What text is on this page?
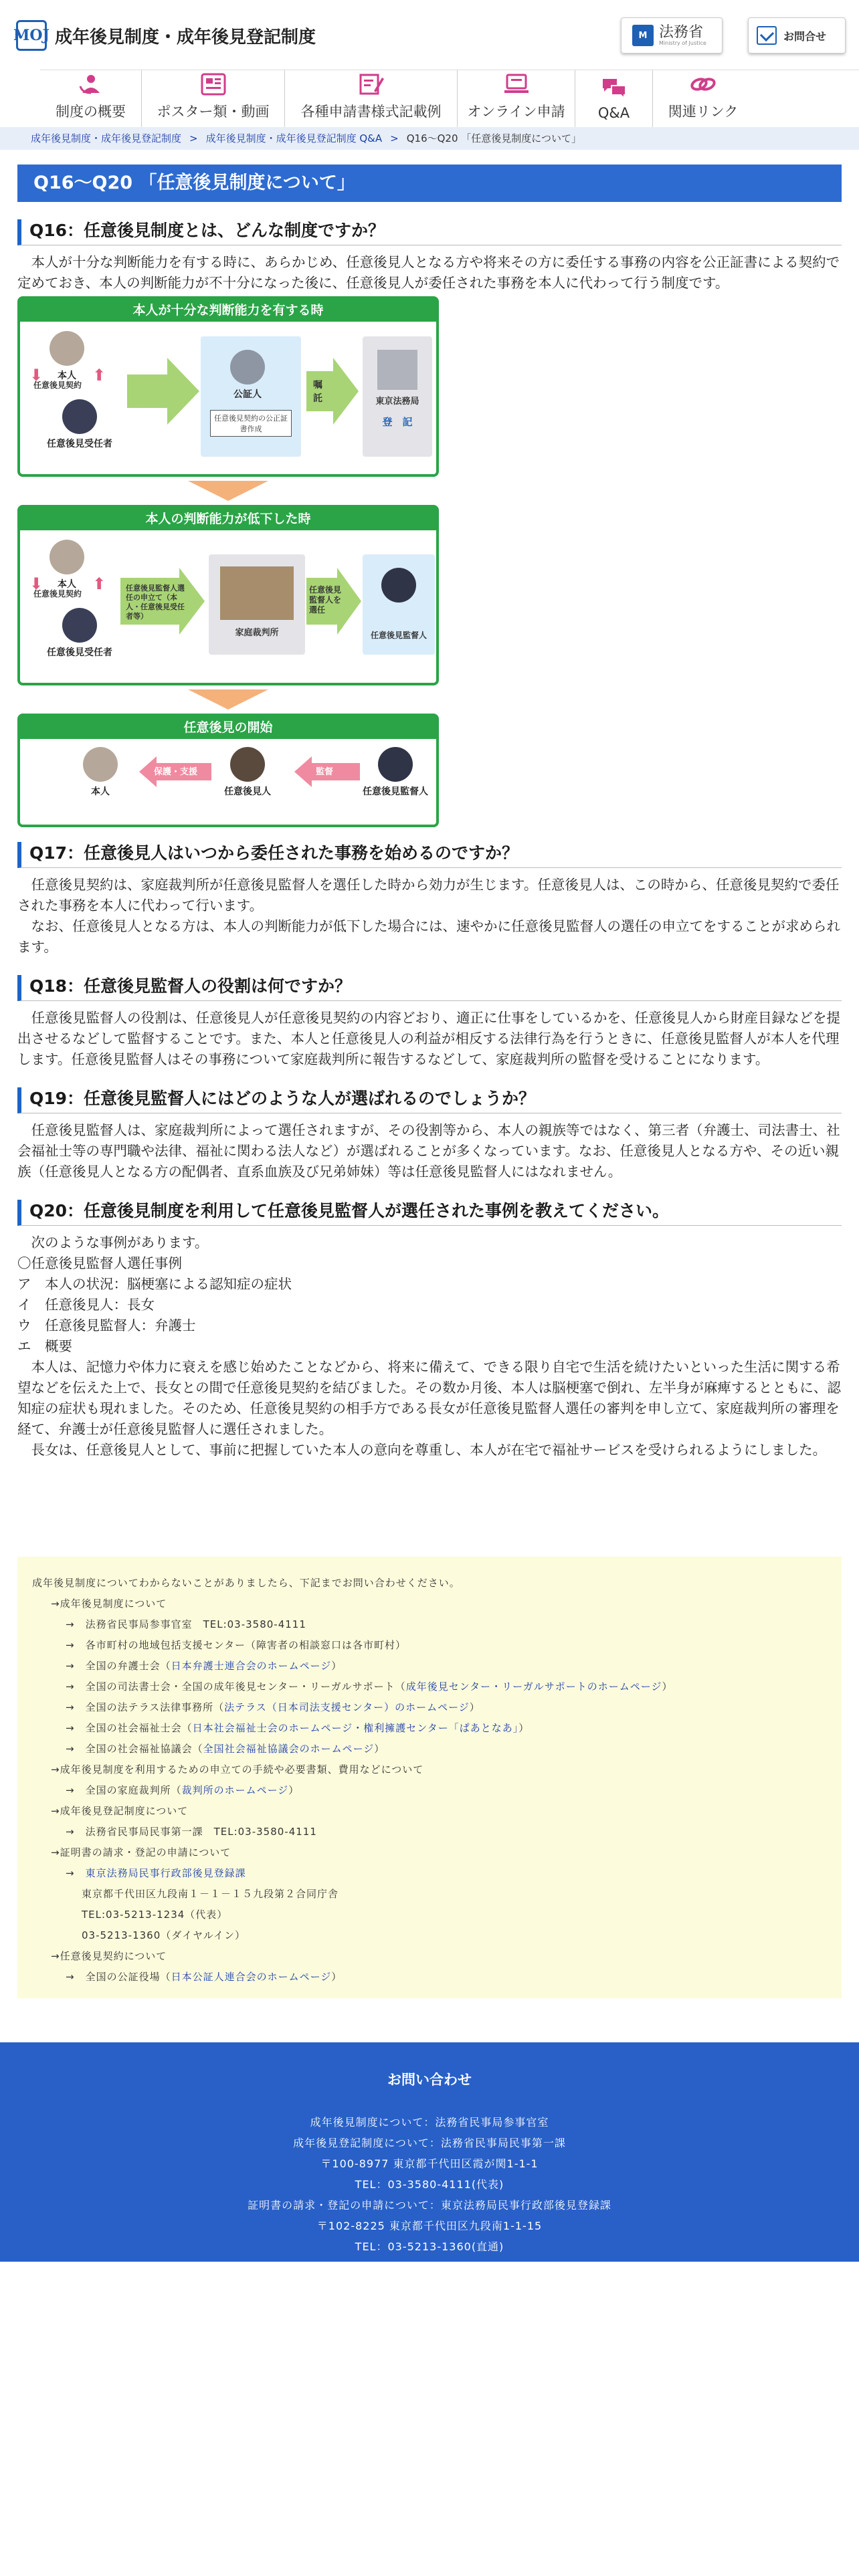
MOJ 成年後見制度・成年後見登記制度	M 法務省
Ministry of Justice
お問合せ
制度の概要 ポスター類・動画 各種申請書様式記載例 オンライン申請 Q&A	関連リンク
成年後見制度・成年後見登記制度 > 成年後見制度・成年後見登記制度 Q&A > Q16〜Q20 「任意後見制度について」
Q16〜Q20 「任意後見制度について」
Q16：任意後見制度とは、どんな制度ですか？

本人が十分な判断能力を有する時に、あらかじめ、任意後見人となる方や将来その方に委任する事務の内容を公正証書による契約で定めておき、本人の判断能力が不十分になった後に、任意後見人が委任された事務を本人に代わって行う制度です。

本人が十分な判断能力を有する時
本人
任意後見契約
⬇	⬆
任意後見受任者
公証人
任意後見契約の公正証書作成
嘱託	東京法務局
登　記
本人の判断能力が低下した時
本人
任意後見契約
⬇	⬆
任意後見受任者
任意後見監督人選任の申立て（本人・任意後見受任者等）
家庭裁判所
任意後見監督人を選任
任意後見監督人
任意後見の開始
本人
保護・支援
任意後見人
監督
任意後見監督人
Q17：任意後見人はいつから委任された事務を始めるのですか？

任意後見契約は、家庭裁判所が任意後見監督人を選任した時から効力が生じます。任意後見人は、この時から、任意後見契約で委任された事務を本人に代わって行います。

なお、任意後見人となる方は、本人の判断能力が低下した場合には、速やかに任意後見監督人の選任の申立てをすることが求められます。

Q18：任意後見監督人の役割は何ですか？

任意後見監督人の役割は、任意後見人が任意後見契約の内容どおり、適正に仕事をしているかを、任意後見人から財産目録などを提出させるなどして監督することです。また、本人と任意後見人の利益が相反する法律行為を行うときに、任意後見監督人が本人を代理します。任意後見監督人はその事務について家庭裁判所に報告するなどして、家庭裁判所の監督を受けることになります。

Q19：任意後見監督人にはどのような人が選ばれるのでしょうか？

任意後見監督人は、家庭裁判所によって選任されますが、その役割等から、本人の親族等ではなく、第三者（弁護士、司法書士、社会福祉士等の専門職や法律、福祉に関わる法人など）が選ばれることが多くなっています。なお、任意後見人となる方や、その近い親族（任意後見人となる方の配偶者、直系血族及び兄弟姉妹）等は任意後見監督人にはなれません。

Q20：任意後見制度を利用して任意後見監督人が選任された事例を教えてください。

次のような事例があります。

〇任意後見監督人選任事例

ア　本人の状況：脳梗塞による認知症の症状

イ　任意後見人：長女

ウ　任意後見監督人：弁護士

エ　概要

本人は、記憶力や体力に衰えを感じ始めたことなどから、将来に備えて、できる限り自宅で生活を続けたいといった生活に関する希望などを伝えた上で、長女との間で任意後見契約を結びました。その数か月後、本人は脳梗塞で倒れ、左半身が麻痺するとともに、認知症の症状も現れました。そのため、任意後見契約の相手方である長女が任意後見監督人選任の審判を申し立て、家庭裁判所の審理を経て、弁護士が任意後見監督人に選任されました。

長女は、任意後見人として、事前に把握していた本人の意向を尊重し、本人が在宅で福祉サービスを受けられるようにしました。

成年後見制度についてわからないことがありましたら、下記までお問い合わせください。
→成年後見制度について
→　法務省民事局参事官室　TEL:03-3580-4111
→　各市町村の地域包括支援センター（障害者の相談窓口は各市町村）
→　全国の弁護士会（日本弁護士連合会のホームページ）
→　全国の司法書士会・全国の成年後見センター・リーガルサポート（成年後見センター・リーガルサポートのホームページ）
→　全国の法テラス法律事務所（法テラス（日本司法支援センター）のホームページ）
→　全国の社会福祉士会（日本社会福祉士会のホームページ・権利擁護センター「ぱあとなあ」）
→　全国の社会福祉協議会（全国社会福祉協議会のホームページ）
→成年後見制度を利用するための申立ての手続や必要書類、費用などについて
→　全国の家庭裁判所（裁判所のホームページ）
→成年後見登記制度について
→　法務省民事局民事第一課　TEL:03-3580-4111
→証明書の請求・登記の申請について
→　東京法務局民事行政部後見登録課
東京都千代田区九段南１－１－１５九段第２合同庁舎
TEL:03-5213-1234（代表）
03-5213-1360（ダイヤルイン）
→任意後見契約について
→　全国の公証役場（日本公証人連合会のホームページ）
お問い合わせ
成年後見制度について：法務省民事局参事官室
成年後見登記制度について：法務省民事局民事第一課
〒100-8977 東京都千代田区霞が関1-1-1
TEL：03-3580-4111(代表)
証明書の請求・登記の申請について：東京法務局民事行政部後見登録課
〒102-8225 東京都千代田区九段南1-1-15
TEL：03-5213-1360(直通)
